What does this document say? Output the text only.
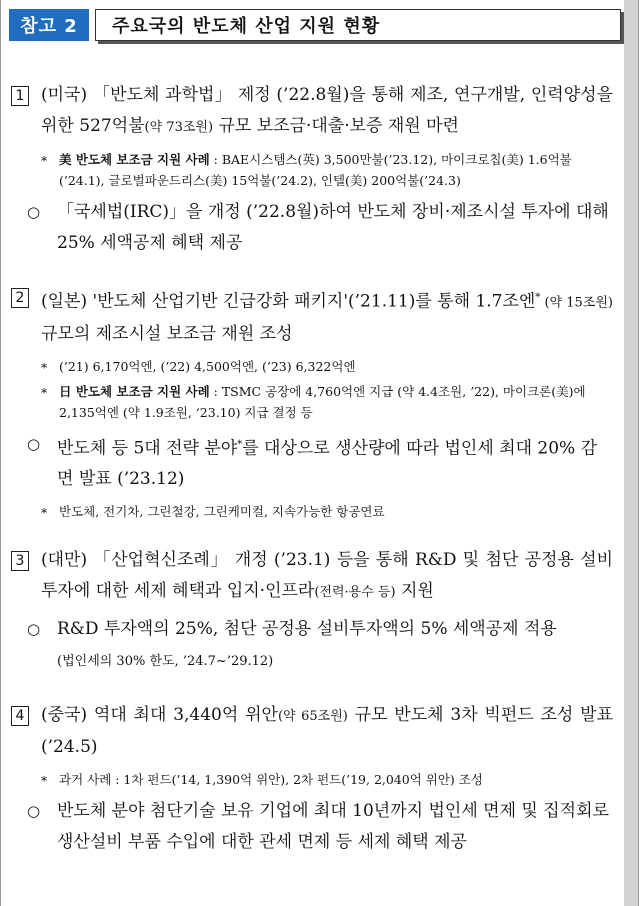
참고 2	주요국의 반도체 산업 지원 현황
1 (미국) 「반도체 과학법」 제정 (’22.8월)을 통해 제조, 연구개발, 인력양성을 위한 527억불(약 73조원) 규모 보조금·대출·보증 재원 마련
* 美 반도체 보조금 지원 사례 : BAE시스템스(英) 3,500만불(’23.12), 마이크로칩(美) 1.6억불(’24.1), 글로벌파운드리스(美) 15억불(’24.2), 인텔(美) 200억불(’24.3)
○ 「국세법(IRC)」을 개정 (’22.8월)하여 반도체 장비·제조시설 투자에 대해 25% 세액공제 혜택 제공
2 (일본) '반도체 산업기반 긴급강화 패키지'(’21.11)를 통해 1.7조엔* (약 15조원) 규모의 제조시설 보조금 재원 조성
* (’21) 6,170억엔, (’22) 4,500억엔, (’23) 6,322억엔
* 日 반도체 보조금 지원 사례 : TSMC 공장에 4,760억엔 지급 (약 4.4조원, ’22), 마이크론(美)에 2,135억엔 (약 1.9조원, ‘23.10) 지급 결정 등
○ 반도체 등 5대 전략 분야*를 대상으로 생산량에 따라 법인세 최대 20% 감면 발표 (’23.12)
* 반도체, 전기차, 그린철강, 그린케미컬, 지속가능한 항공연료
3 (대만) 「산업혁신조례」 개정 (’23.1) 등을 통해 R&D 및 첨단 공정용 설비 투자에 대한 세제 혜택과 입지·인프라(전력·용수 등) 지원
○ R&D 투자액의 25%, 첨단 공정용 설비투자액의 5% 세액공제 적용
(법인세의 30% 한도, ’24.7~’29.12)
4 (중국) 역대 최대 3,440억 위안(약 65조원) 규모 반도체 3차 빅펀드 조성 발표 (’24.5)
* 과거 사례 : 1차 펀드(’14, 1,390억 위안), 2차 펀드(’19, 2,040억 위안) 조성
○ 반도체 분야 첨단기술 보유 기업에 최대 10년까지 법인세 면제 및 집적회로 생산설비 부품 수입에 대한 관세 면제 등 세제 혜택 제공
